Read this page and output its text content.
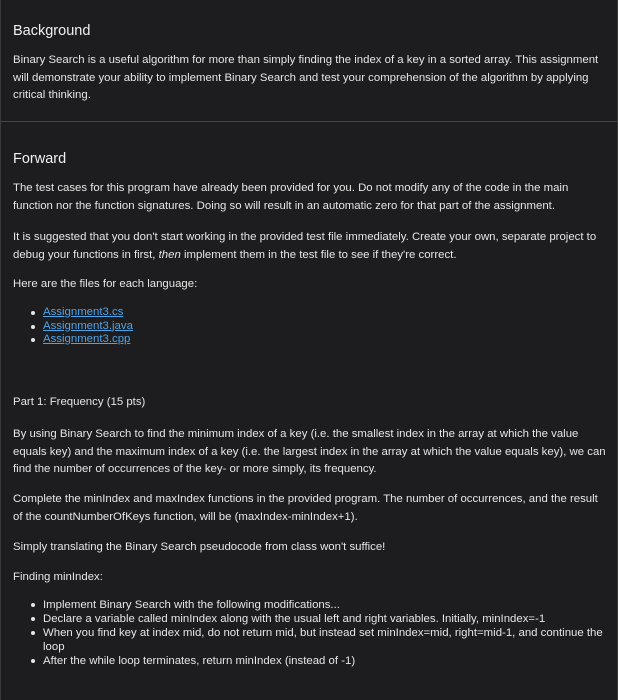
Background

Binary Search is a useful algorithm for more than simply finding the index of a key in a sorted array. This assignment will demonstrate your ability to implement Binary Search and test your comprehension of the algorithm by applying critical thinking.

Forward

The test cases for this program have already been provided for you. Do not modify any of the code in the main function nor the function signatures. Doing so will result in an automatic zero for that part of the assignment.

It is suggested that you don't start working in the provided test file immediately. Create your own, separate project to debug your functions in first, then implement them in the test file to see if they're correct.

Here are the files for each language:

Assignment3.cs
Assignment3.java
Assignment3.cpp

Part 1: Frequency (15 pts)

By using Binary Search to find the minimum index of a key (i.e. the smallest index in the array at which the value equals key) and the maximum index of a key (i.e. the largest index in the array at which the value equals key), we can find the number of occurrences of the key- or more simply, its frequency.

Complete the minIndex and maxIndex functions in the provided program. The number of occurrences, and the result of the countNumberOfKeys function, will be (maxIndex-minIndex+1).

Simply translating the Binary Search pseudocode from class won't suffice!

Finding minIndex:

Implement Binary Search with the following modifications...
Declare a variable called minIndex along with the usual left and right variables. Initially, minIndex=-1
When you find key at index mid, do not return mid, but instead set minIndex=mid, right=mid-1, and continue the loop
After the while loop terminates, return minIndex (instead of -1)
